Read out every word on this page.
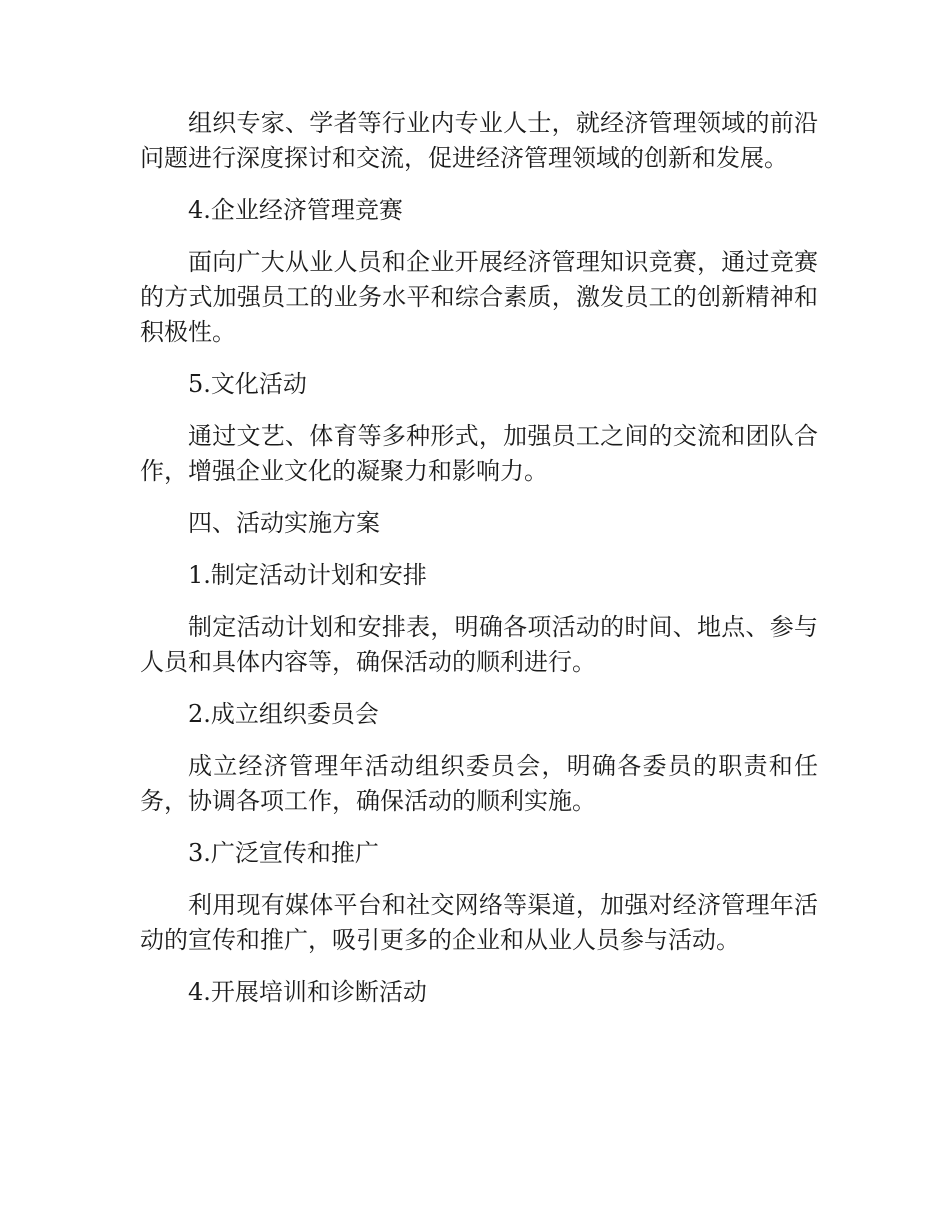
组织专家、学者等行业内专业人士，就经济管理领域的前沿问题进行深度探讨和交流，促进经济管理领域的创新和发展。

4.企业经济管理竞赛

面向广大从业人员和企业开展经济管理知识竞赛，通过竞赛的方式加强员工的业务水平和综合素质，激发员工的创新精神和积极性。

5.文化活动

通过文艺、体育等多种形式，加强员工之间的交流和团队合作，增强企业文化的凝聚力和影响力。

四、活动实施方案

1.制定活动计划和安排

制定活动计划和安排表，明确各项活动的时间、地点、参与人员和具体内容等，确保活动的顺利进行。

2.成立组织委员会

成立经济管理年活动组织委员会，明确各委员的职责和任务，协调各项工作，确保活动的顺利实施。

3.广泛宣传和推广

利用现有媒体平台和社交网络等渠道，加强对经济管理年活动的宣传和推广，吸引更多的企业和从业人员参与活动。

4.开展培训和诊断活动
